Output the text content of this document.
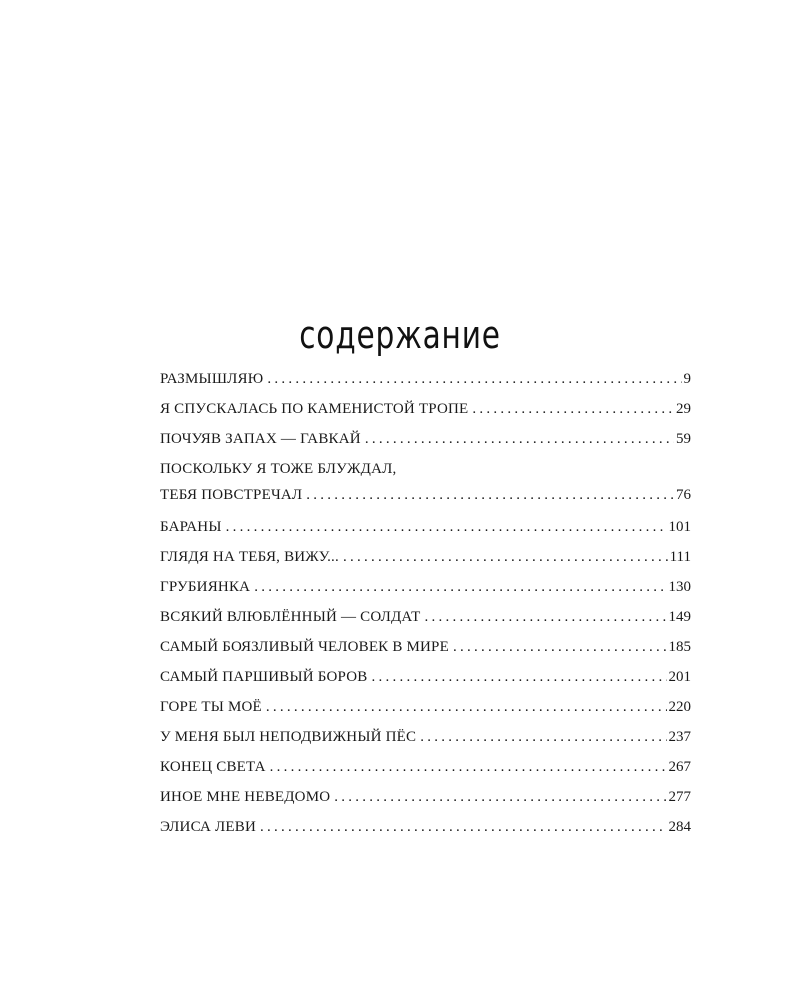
содержание
РАЗМЫШЛЯЮ . . .	9
Я СПУСКАЛАСЬ ПО КАМЕНИСТОЙ ТРОПЕ . . .	29
ПОЧУЯВ ЗАПАХ — ГАВКАЙ . . .	59
ПОСКОЛЬКУ Я ТОЖЕ БЛУЖДАЛ,
ТЕБЯ ПОВСТРЕЧАЛ . . .	76
БАРАНЫ . . .	101
ГЛЯДЯ НА ТЕБЯ, ВИЖУ... . . .	111
ГРУБИЯНКА . . .	130
ВСЯКИЙ ВЛЮБЛЁННЫЙ — СОЛДАТ . . .	149
САМЫЙ БОЯЗЛИВЫЙ ЧЕЛОВЕК В МИРЕ . . .	185
САМЫЙ ПАРШИВЫЙ БОРОВ . . .	201
ГОРЕ ТЫ МОЁ . . .	220
У МЕНЯ БЫЛ НЕПОДВИЖНЫЙ ПЁС . . .	237
КОНЕЦ СВЕТА . . .	267
ИНОЕ МНЕ НЕВЕДОМО . . .	277
ЭЛИСА ЛЕВИ . . .	284
